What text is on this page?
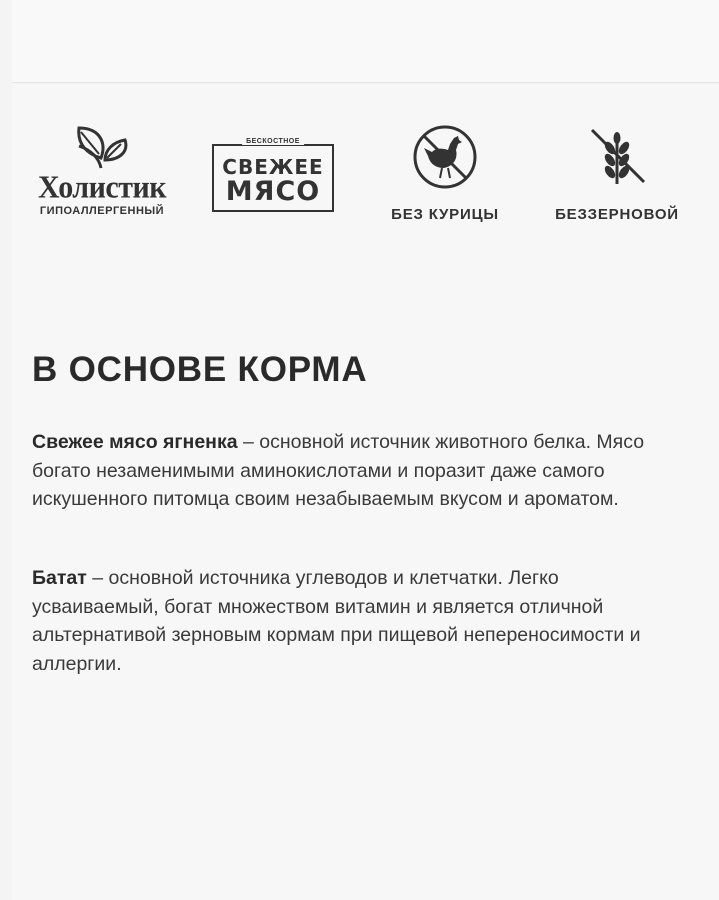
Холистик
ГИПОАЛЛЕРГЕННЫЙ
БЕСКОСТНОЕ
СВЕЖЕЕ
МЯСО
БЕЗ КУРИЦЫ	БЕЗЗЕРНОВОЙ
В ОСНОВЕ КОРМА

Свежее мясо ягненка – основной источник животного белка. Мясо богато незаменимыми аминокислотами и поразит даже самого искушенного питомца своим незабываемым вкусом и ароматом.

Батат – основной источника углеводов и клетчатки. Легко усваиваемый, богат множеством витамин и является отличной альтернативой зерновым кормам при пищевой непереносимости и аллергии.
